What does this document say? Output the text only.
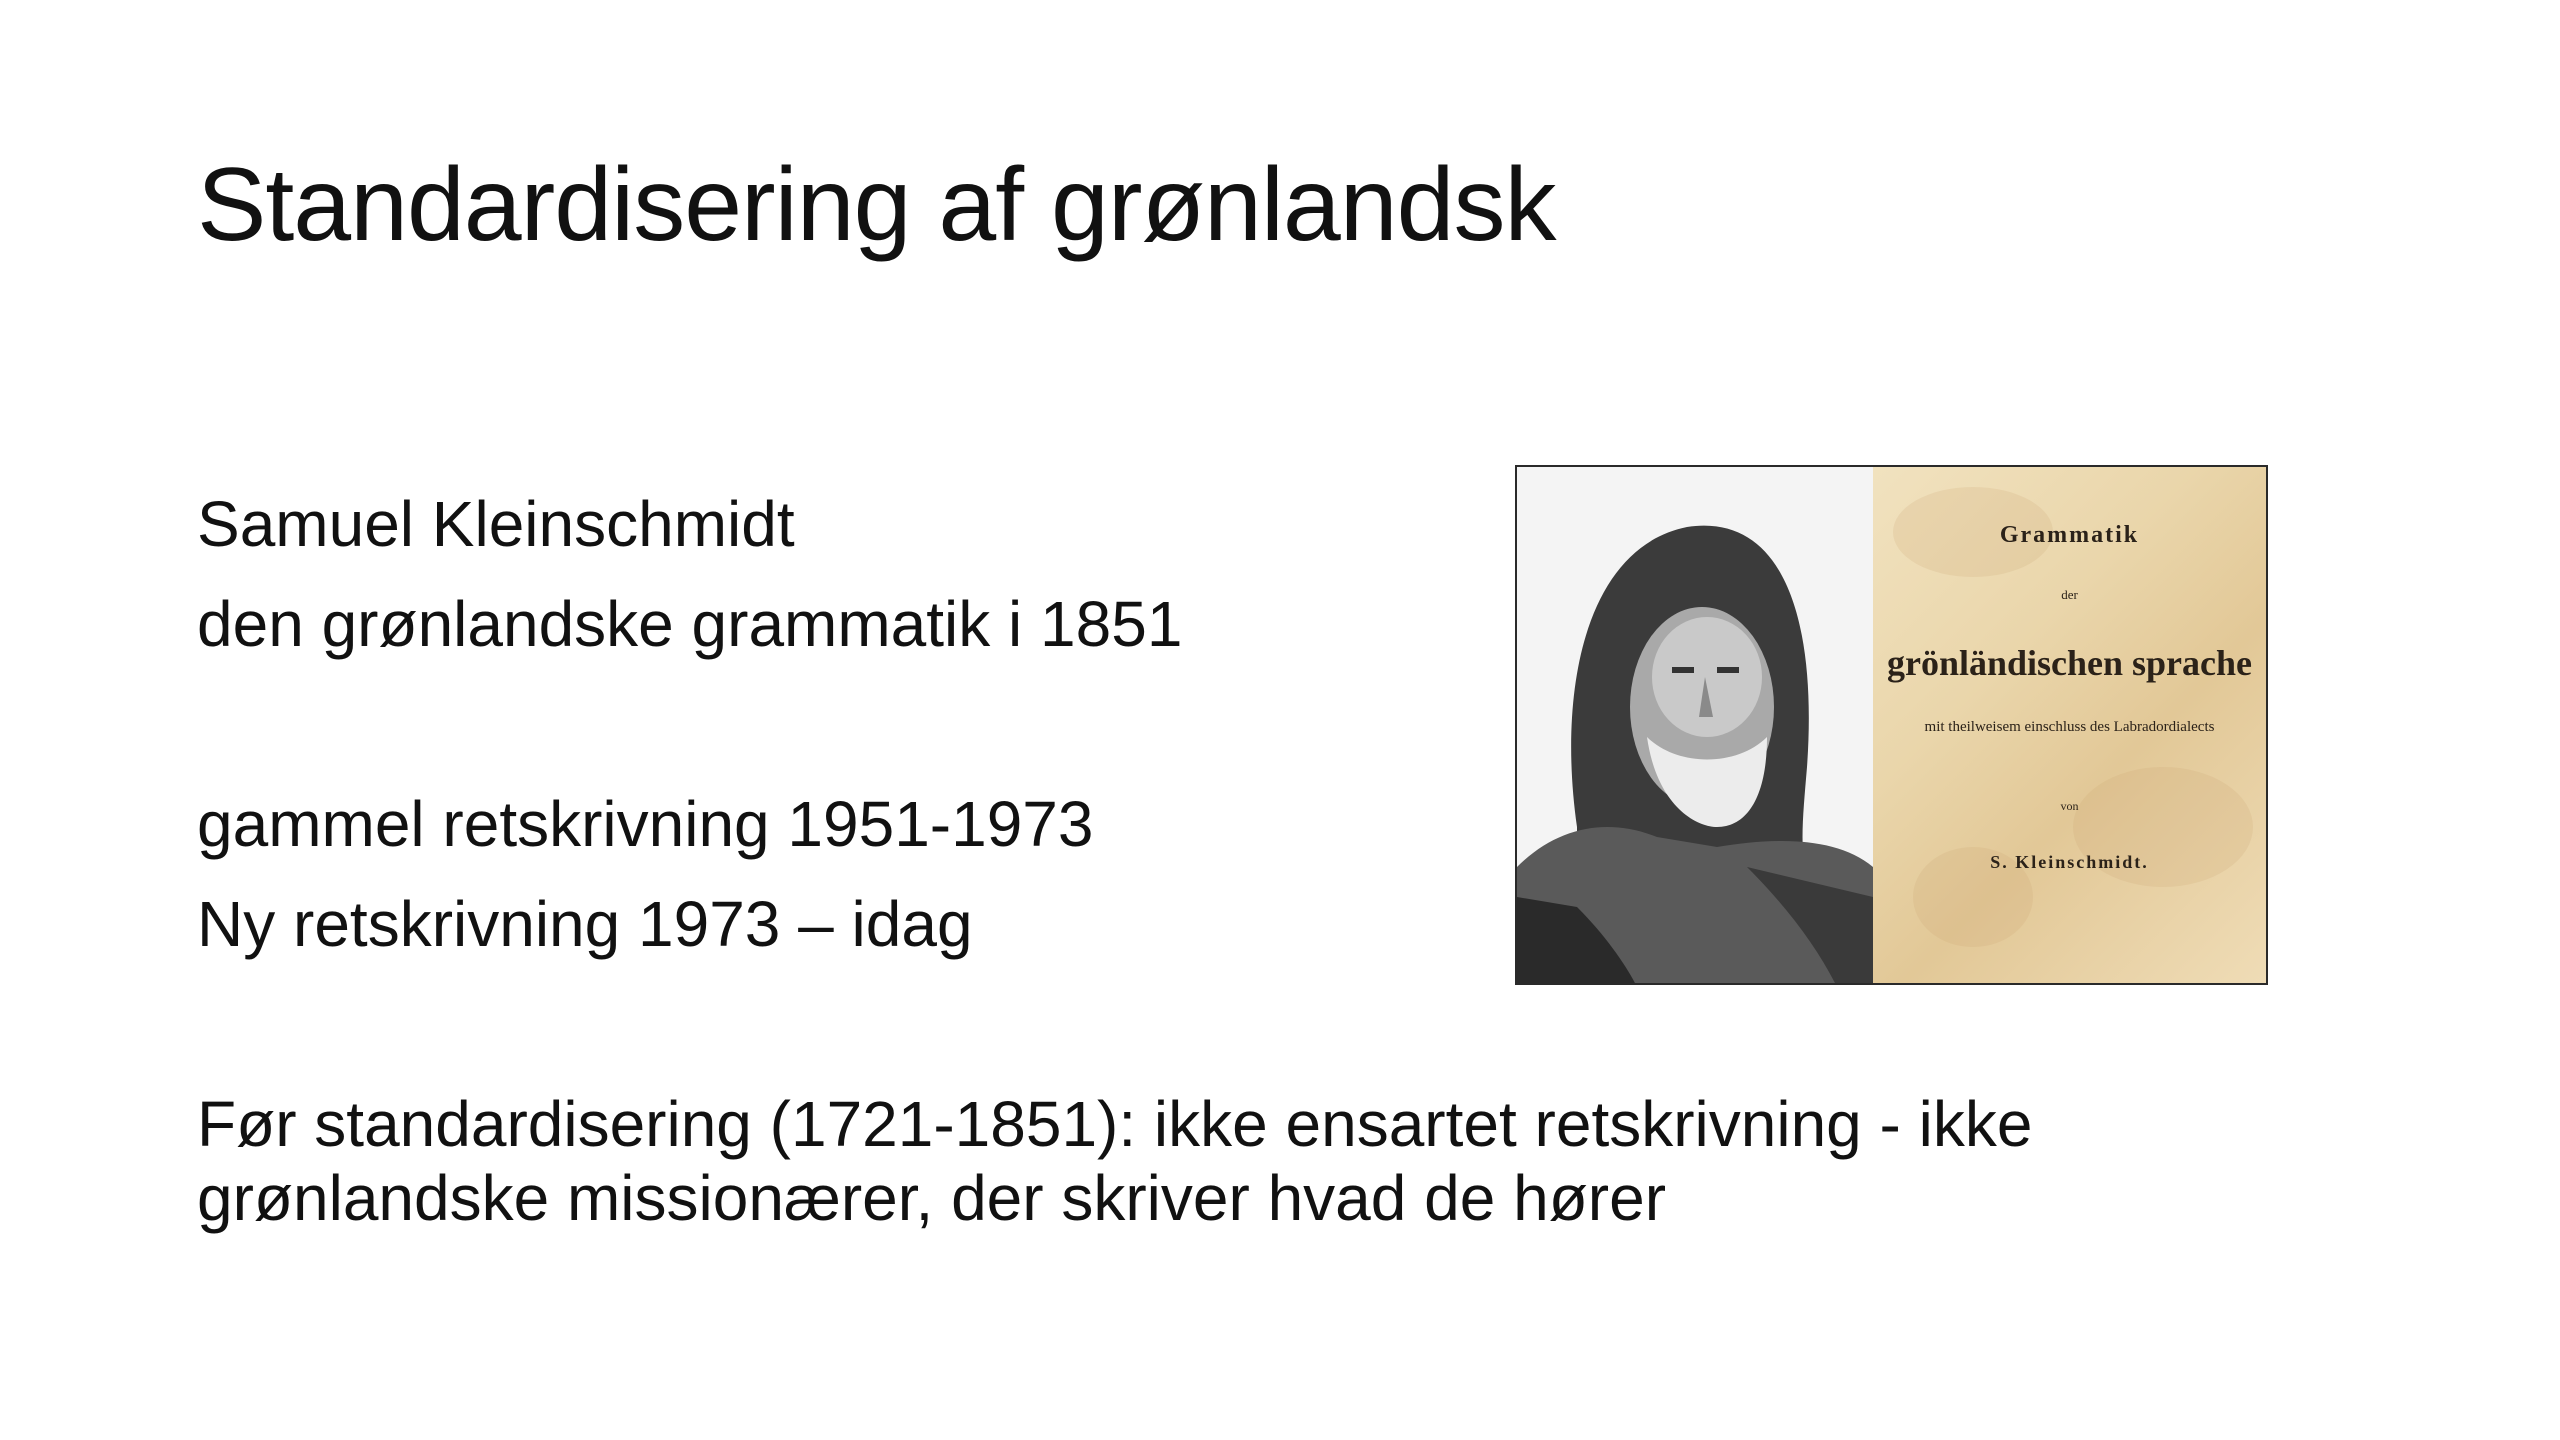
Standardisering af grønlandsk
Samuel Kleinschmidt
den grønlandske grammatik i 1851
gammel retskrivning 1951-1973
Ny retskrivning 1973 – idag
Før standardisering (1721-1851): ikke ensartet retskrivning - ikke grønlandske missionærer, der skriver hvad de hører
Grammatik
der
grönländischen sprache
mit theilweisem einschluss des Labradordialects
von
S. Kleinschmidt.
